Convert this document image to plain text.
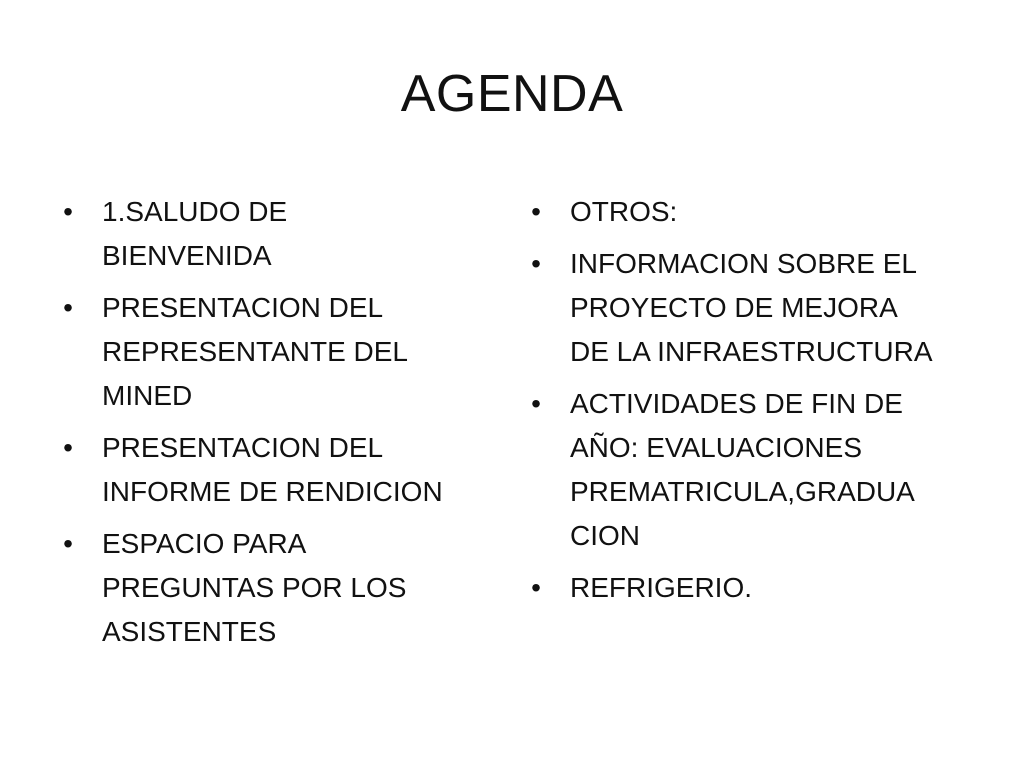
AGENDA
• 1.SALUDO DE
BIENVENIDA
• PRESENTACION DEL
REPRESENTANTE DEL
MINED
• PRESENTACION DEL
INFORME DE RENDICION
• ESPACIO PARA
PREGUNTAS POR LOS
ASISTENTES
• OTROS:
• INFORMACION SOBRE EL
PROYECTO DE MEJORA
DE LA INFRAESTRUCTURA
• ACTIVIDADES DE FIN DE
AÑO: EVALUACIONES
PREMATRICULA,GRADUA
CION
• REFRIGERIO.
